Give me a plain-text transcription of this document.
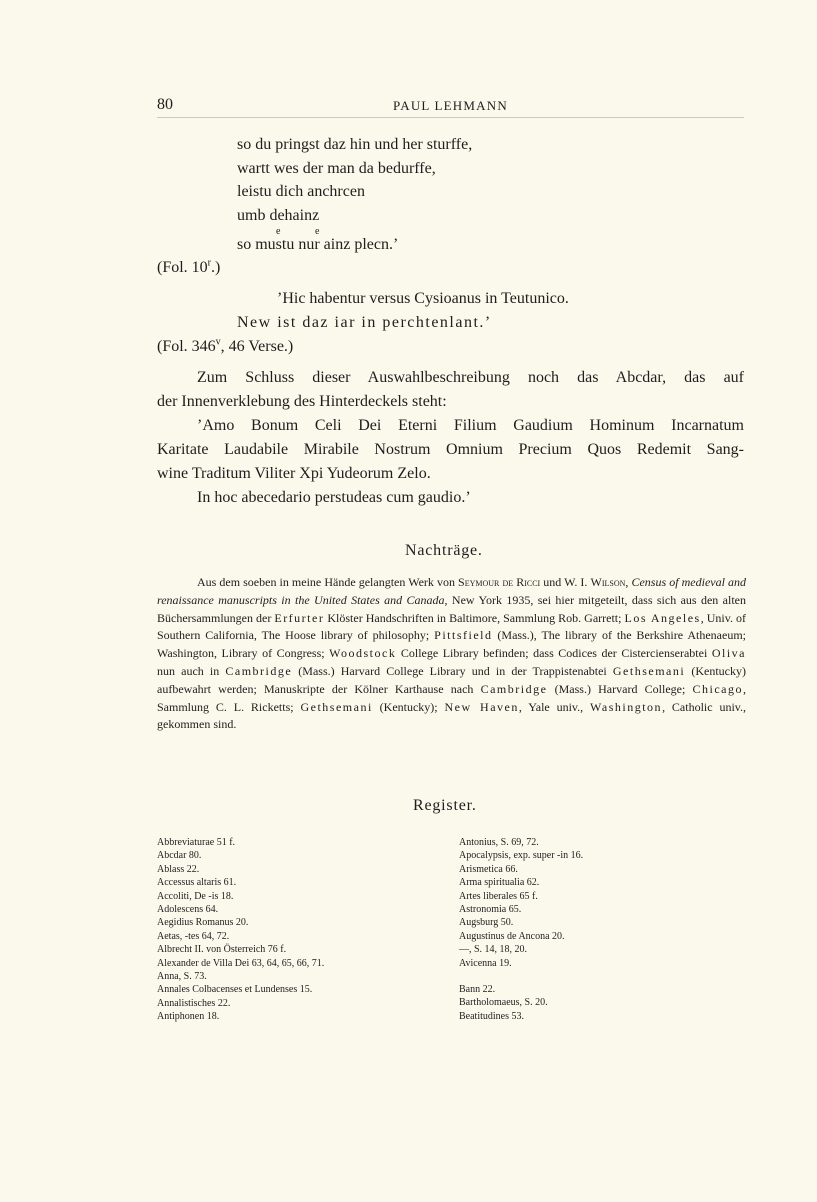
80	PAUL LEHMANN
so du pringst daz hin und her sturffe,
wartt wes der man da bedurffe,
leistu dich anchrcen
umb dehainz
e	e
so mustu nur ainz plecn.’
(Fol. 10$^r$.)
’Hic habentur versus Cysioanus in Teutunico.
New ist daz iar in perchtenlant.’
(Fol. 346$^v$, 46 Verse.)

Zum Schluss dieser Auswahlbeschreibung noch das Abcdar, das auf

der Innenverklebung des Hinterdeckels steht:

’Amo Bonum Celi Dei Eterni Filium Gaudium Hominum Incarnatum

Karitate Laudabile Mirabile Nostrum Omnium Precium Quos Redemit Sang-

wine Traditum Viliter Xpi Yudeorum Zelo.

In hoc abecedario perstudeas cum gaudio.’

Nachträge.

Aus dem soeben in meine Hände gelangten Werk von Seymour de Ricci und W. I. Wilson, Census of medieval and renaissance manuscripts in the United States and Canada, New York 1935, sei hier mitgeteilt, dass sich aus den alten Büchersammlungen der Erfurter Klöster Handschriften in Baltimore, Sammlung Rob. Garrett; Los Angeles, Univ. of Southern California, The Hoose library of philosophy; Pittsfield (Mass.), The library of the Berkshire Athenaeum; Washington, Library of Congress; Woodstock College Library befinden; dass Codices der Cistercienserabtei Oliva nun auch in Cambridge (Mass.) Harvard College Library und in der Trappistenabtei Gethsemani (Kentucky) aufbewahrt werden; Manuskripte der Kölner Karthause nach Cambridge (Mass.) Harvard College; Chicago, Sammlung C. L. Ricketts; Gethsemani (Kentucky); New Haven, Yale univ., Washington, Catholic univ., gekommen sind.

Register.
Abbreviaturae 51 f.
Abcdar 80.
Ablass 22.
Accessus altaris 61.
Accoliti, De -is 18.
Adolescens 64.
Aegidius Romanus 20.
Aetas, -tes 64, 72.
Albrecht II. von Österreich 76 f.
Alexander de Villa Dei 63, 64, 65, 66, 71.
Anna, S. 73.
Annales Colbacenses et Lundenses 15.
Annalistisches 22.
Antiphonen 18.
Antonius, S. 69, 72.
Apocalypsis, exp. super -in 16.
Arismetica 66.
Arma spiritualia 62.
Artes liberales 65 f.
Astronomia 65.
Augsburg 50.
Augustinus de Ancona 20.
—, S. 14, 18, 20.
Avicenna 19.
Bann 22.
Bartholomaeus, S. 20.
Beatitudines 53.
